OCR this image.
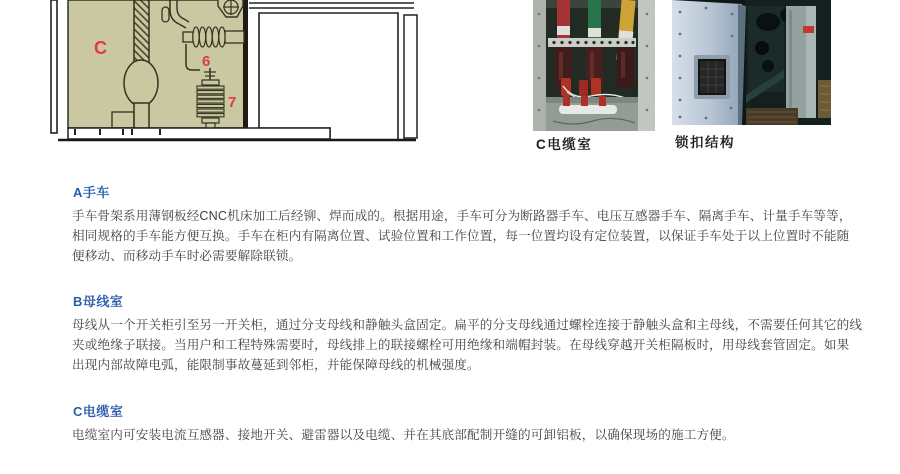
C
6
7
C电缆室	锁扣结构
A手车
手车骨架系用薄钢板经CNC机床加工后经铆、焊而成的。根据用途，手车可分为断路器手车、电压互感器手车、隔离手车、计量手车等等，
相同规格的手车能方便互换。手车在柜内有隔离位置、试验位置和工作位置，每一位置均设有定位装置，以保证手车处于以上位置时不能随
便移动、而移动手车时必需要解除联锁。
B母线室
母线从一个开关柜引至另一开关柜，通过分支母线和静触头盒固定。扁平的分支母线通过螺栓连接于静触头盒和主母线，不需要任何其它的线
夹或绝缘子联接。当用户和工程特殊需要时，母线排上的联接螺栓可用绝缘和端帽封装。在母线穿越开关柜隔板时，用母线套管固定。如果
出现内部故障电弧，能限制事故蔓延到邻柜，并能保障母线的机械强度。
C电缆室
电缆室内可安装电流互感器、接地开关、避雷器以及电缆、并在其底部配制开缝的可卸铝板，以确保现场的施工方便。
